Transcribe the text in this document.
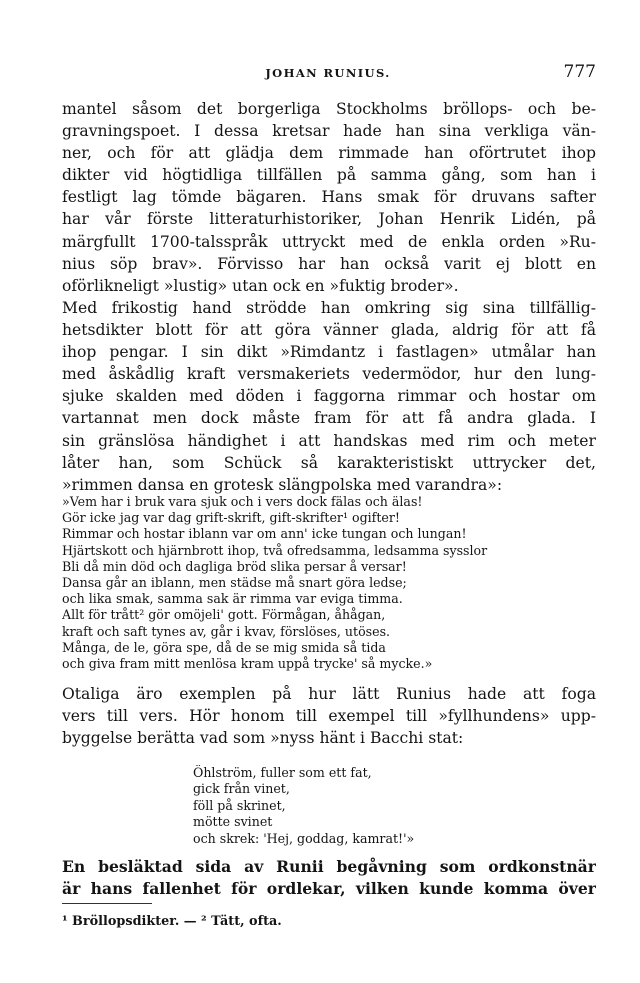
JOHAN RUNIUS.	777
mantel såsom det borgerliga Stockholms bröllops- och be-
gravningspoet. I dessa kretsar hade han sina verkliga vän-
ner, och för att glädja dem rimmade han oförtrutet ihop
dikter vid högtidliga tillfällen på samma gång, som han i
festligt lag tömde bägaren. Hans smak för druvans safter
har vår förste litteraturhistoriker, Johan Henrik Lidén, på
märgfullt 1700-talsspråk uttryckt med de enkla orden »Ru-
nius söp brav». Förvisso har han också varit ej blott en
oförlikneligt »lustig» utan ock en »fuktig broder».
Med frikostig hand strödde han omkring sig sina tillfällig-
hetsdikter blott för att göra vänner glada, aldrig för att få
ihop pengar. I sin dikt »Rimdantz i fastlagen» utmålar han
med åskådlig kraft versmakeriets vedermödor, hur den lung-
sjuke skalden med döden i faggorna rimmar och hostar om
vartannat men dock måste fram för att få andra glada. I
sin gränslösa händighet i att handskas med rim och meter
låter han, som Schück så karakteristiskt uttrycker det,
»rimmen dansa en grotesk slängpolska med varandra»:
»Vem har i bruk vara sjuk och i vers dock fälas och älas!
Gör icke jag var dag grift-skrift, gift-skrifter¹ ogifter!
Rimmar och hostar iblann var om ann' icke tungan och lungan!
Hjärtskott och hjärnbrott ihop, två ofredsamma, ledsamma sysslor
Bli då min död och dagliga bröd slika persar å versar!
Dansa går an iblann, men städse må snart göra ledse;
och lika smak, samma sak är rimma var eviga timma.
Allt för trått² gör omöjeli' gott. Förmågan, åhågan,
kraft och saft tynes av, går i kvav, förslöses, utöses.
Många, de le, göra spe, då de se mig smida så tida
och giva fram mitt menlösa kram uppå trycke' så mycke.»
Otaliga äro exemplen på hur lätt Runius hade att foga
vers till vers. Hör honom till exempel till »fyllhundens» upp-
byggelse berätta vad som »nyss hänt i Bacchi stat:
Öhlström, fuller som ett fat,
gick från vinet,
föll på skrinet,
mötte svinet
och skrek: 'Hej, goddag, kamrat!'»
En besläktad sida av Runii begåvning som ordkonstnär
är hans fallenhet för ordlekar, vilken kunde komma över
¹ Bröllopsdikter. — ² Tätt, ofta.
